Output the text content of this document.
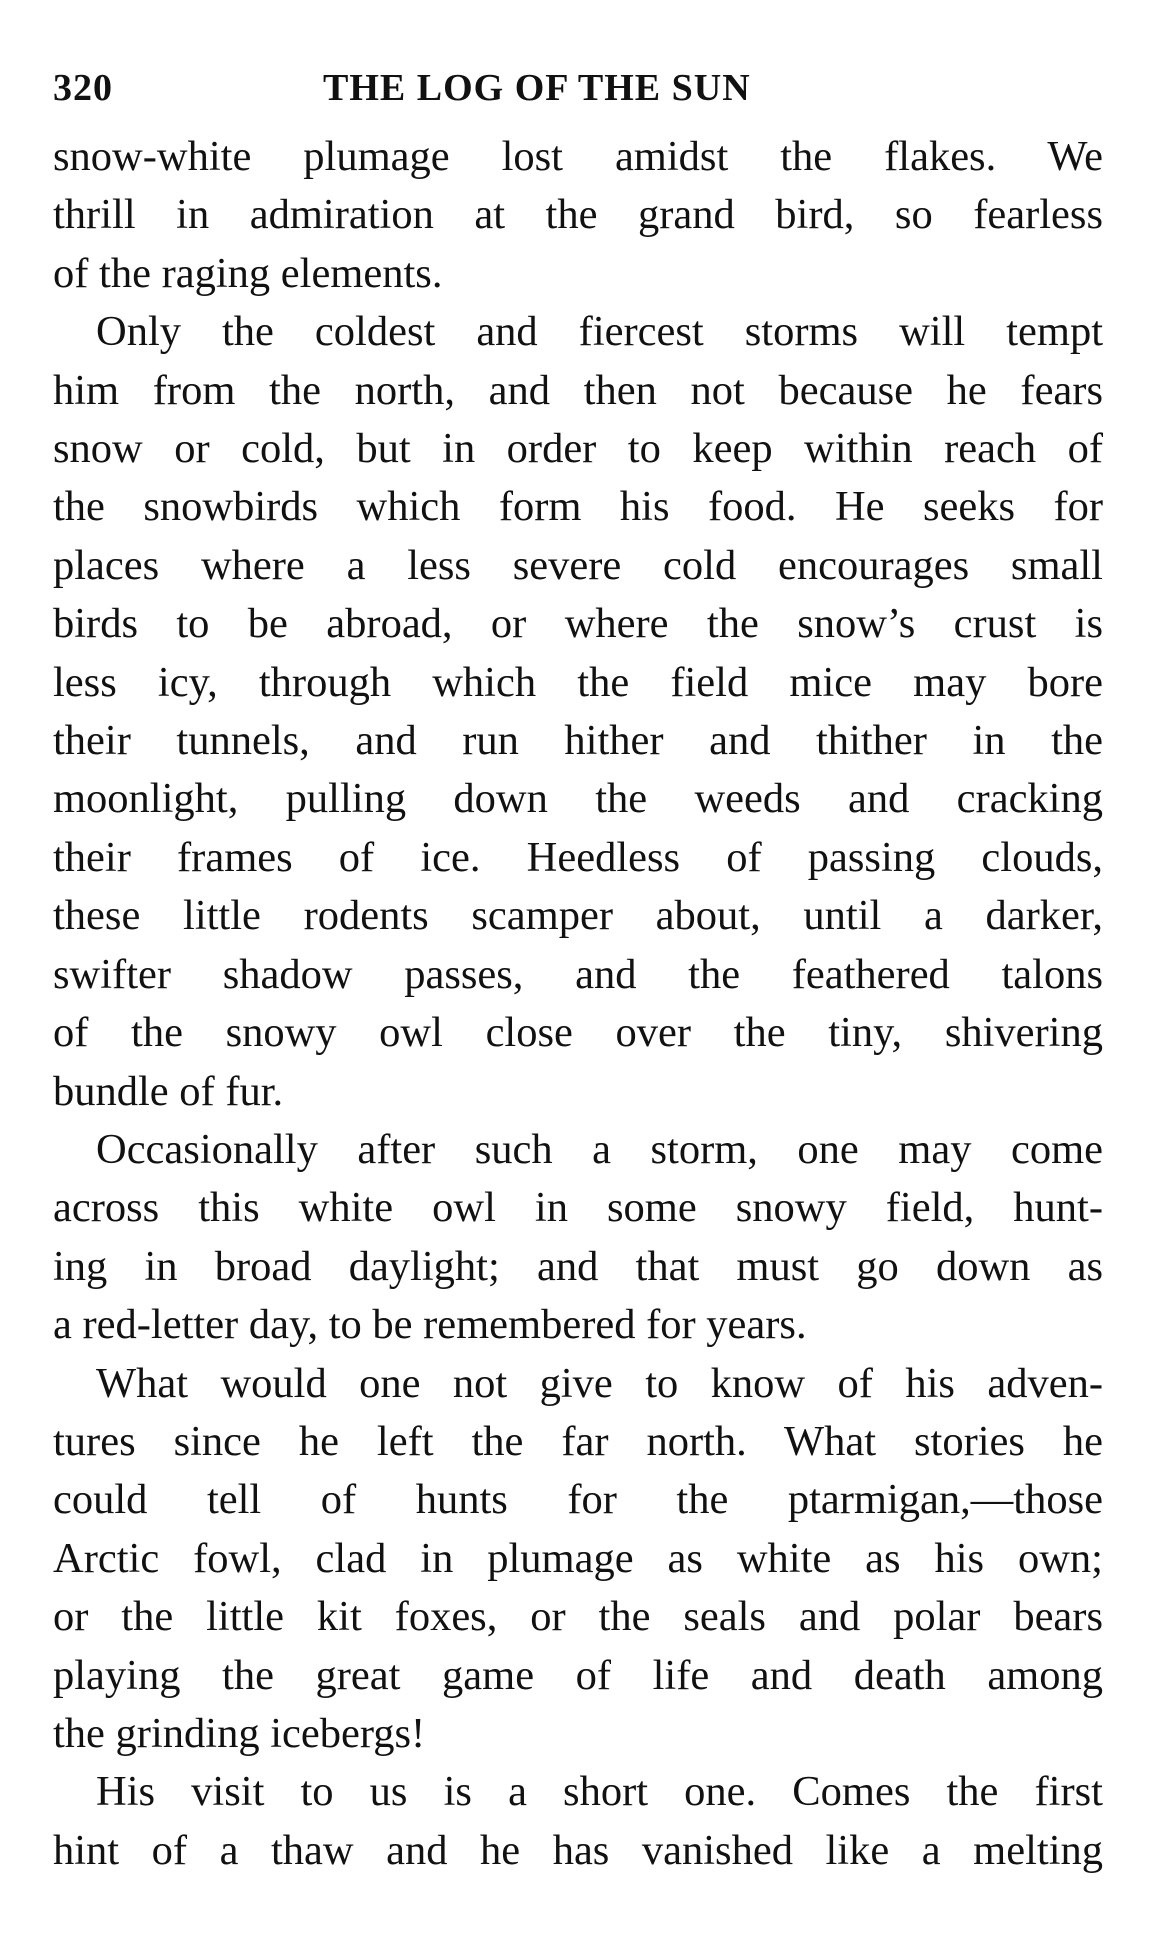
320	THE LOG OF THE SUN
snow-white plumage lost amidst the flakes. We
thrill in admiration at the grand bird, so fearless
of the raging elements.
Only the coldest and fiercest storms will tempt
him from the north, and then not because he fears
snow or cold, but in order to keep within reach of
the snowbirds which form his food. He seeks for
places where a less severe cold encourages small
birds to be abroad, or where the snow’s crust is
less icy, through which the field mice may bore
their tunnels, and run hither and thither in the
moonlight, pulling down the weeds and cracking
their frames of ice. Heedless of passing clouds,
these little rodents scamper about, until a darker,
swifter shadow passes, and the feathered talons
of the snowy owl close over the tiny, shivering
bundle of fur.
Occasionally after such a storm, one may come
across this white owl in some snowy field, hunt-
ing in broad daylight; and that must go down as
a red-letter day, to be remembered for years.
What would one not give to know of his adven-
tures since he left the far north. What stories he
could tell of hunts for the ptarmigan,—those
Arctic fowl, clad in plumage as white as his own;
or the little kit foxes, or the seals and polar bears
playing the great game of life and death among
the grinding icebergs!
His visit to us is a short one. Comes the first
hint of a thaw and he has vanished like a melting
